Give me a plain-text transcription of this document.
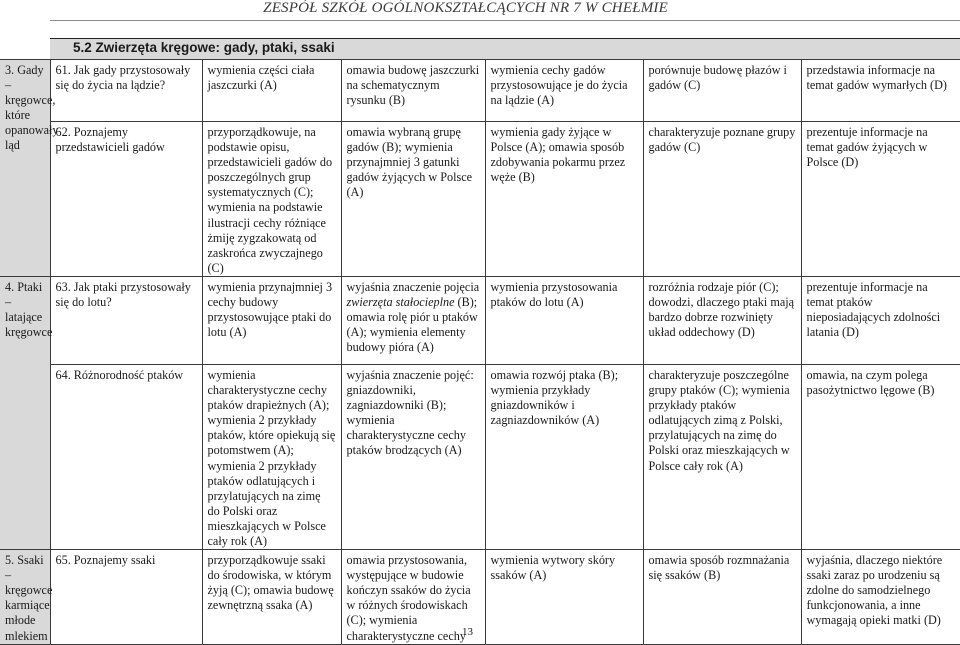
ZESPÓŁ SZKÓŁ OGÓLNOKSZTAŁCĄCYCH NR 7 W CHEŁMIE
5.2 Zwierzęta kręgowe: gady, ptaki, ssaki
3. Gady – kręgowce, które opanowały ląd	61. Jak gady przystosowały się do życia na lądzie?	wymienia części ciała jaszczurki (A)	omawia budowę jaszczurki na schematycznym rysunku (B)	wymienia cechy gadów przystosowujące je do życia na lądzie (A)	porównuje budowę płazów i gadów (C)	przedstawia informacje na temat gadów wymarłych (D)
	62. Poznajemy przedstawicieli gadów	przyporządkowuje, na podstawie opisu, przedstawicieli gadów do poszczególnych grup systematycznych (C); wymienia na podstawie ilustracji cechy różniące żmiję zygzakowatą od zaskrońca zwyczajnego (C)	omawia wybraną grupę gadów (B); wymienia przynajmniej 3 gatunki gadów żyjących w Polsce (A)	wymienia gady żyjące w Polsce (A); omawia sposób zdobywania pokarmu przez węże (B)	charakteryzuje poznane grupy gadów (C)	prezentuje informacje na temat gadów żyjących w Polsce (D)

4. Ptaki – latające kręgowce	63. Jak ptaki przystosowały się do lotu?	wymienia przynajmniej 3 cechy budowy przystosowujące ptaki do lotu (A)	wyjaśnia znaczenie pojęcia zwierzęta stałocieplne (B); omawia rolę piór u ptaków (A); wymienia elementy budowy pióra (A)	wymienia przystosowania ptaków do lotu (A)	rozróżnia rodzaje piór (C); dowodzi, dlaczego ptaki mają bardzo dobrze rozwinięty układ oddechowy (D)	prezentuje informacje na temat ptaków nieposiadających zdolności latania (D)
	64. Różnorodność ptaków	wymienia charakterystyczne cechy ptaków drapieżnych (A); wymienia 2 przykłady ptaków, które opiekują się potomstwem (A); wymienia 2 przykłady ptaków odlatujących i przylatujących na zimę do Polski oraz mieszkających w Polsce cały rok (A)	wyjaśnia znaczenie pojęć: gniazdowniki, zagniazdowniki (B); wymienia charakterystyczne cechy ptaków brodzących (A)	omawia rozwój ptaka (B); wymienia przykłady gniazdowników i zagniazdowników (A)	charakteryzuje poszczególne grupy ptaków (C); wymienia przykłady ptaków odlatujących zimą z Polski, przylatujących na zimę do Polski oraz mieszkających w Polsce cały rok (A)	omawia, na czym polega pasożytnictwo lęgowe (B)

5. Ssaki – kręgowce karmiące młode mlekiem	65. Poznajemy ssaki	przyporządkowuje ssaki do środowiska, w którym żyją (C); omawia budowę zewnętrzną ssaka (A)	omawia przystosowania, występujące w budowie kończyn ssaków do życia w różnych środowiskach (C); wymienia charakterystyczne cechy	wymienia wytwory skóry ssaków (A)	omawia sposób rozmnażania się ssaków (B)	wyjaśnia, dlaczego niektóre ssaki zaraz po urodzeniu są zdolne do samodzielnego funkcjonowania, a inne wymagają opieki matki (D)
13
